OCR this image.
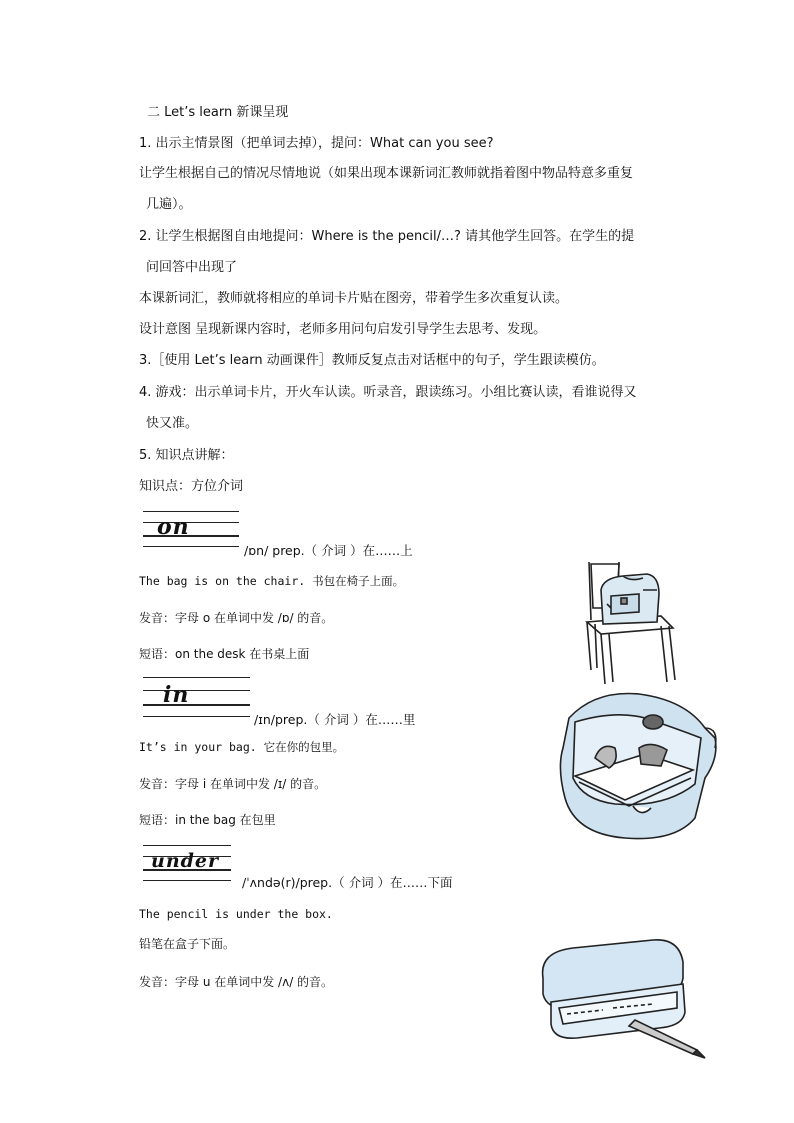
二 Let’s learn 新课呈现
1. 出示主情景图（把单词去掉），提问：What can you see?
让学生根据自己的情况尽情地说（如果出现本课新词汇教师就指着图中物品特意多重复
几遍）。
2. 让学生根据图自由地提问：Where is the pencil/…? 请其他学生回答。在学生的提
问回答中出现了
本课新词汇，教师就将相应的单词卡片贴在图旁，带着学生多次重复认读。
设计意图 呈现新课内容时，老师多用问句启发引导学生去思考、发现。
3.［使用 Let’s learn 动画课件］教师反复点击对话框中的句子，学生跟读模仿。
4. 游戏：出示单词卡片，开火车认读。听录音，跟读练习。小组比赛认读，看谁说得又
快又准。
5. 知识点讲解：
知识点：方位介词
on
/ɒn/ prep.（ 介词 ）在……上
The bag is on the chair. 书包在椅子上面。
发音：字母 o 在单词中发 /ɒ/ 的音。
短语：on the desk 在书桌上面
in
/ɪn/prep.（ 介词 ）在……里
It’s in your bag. 它在你的包里。
发音：字母 i 在单词中发 /ɪ/ 的音。
短语：in the bag 在包里
under
/ˈʌndə(r)/prep.（ 介词 ）在……下面
The pencil is under the box.
铅笔在盒子下面。
发音：字母 u 在单词中发 /ʌ/ 的音。
